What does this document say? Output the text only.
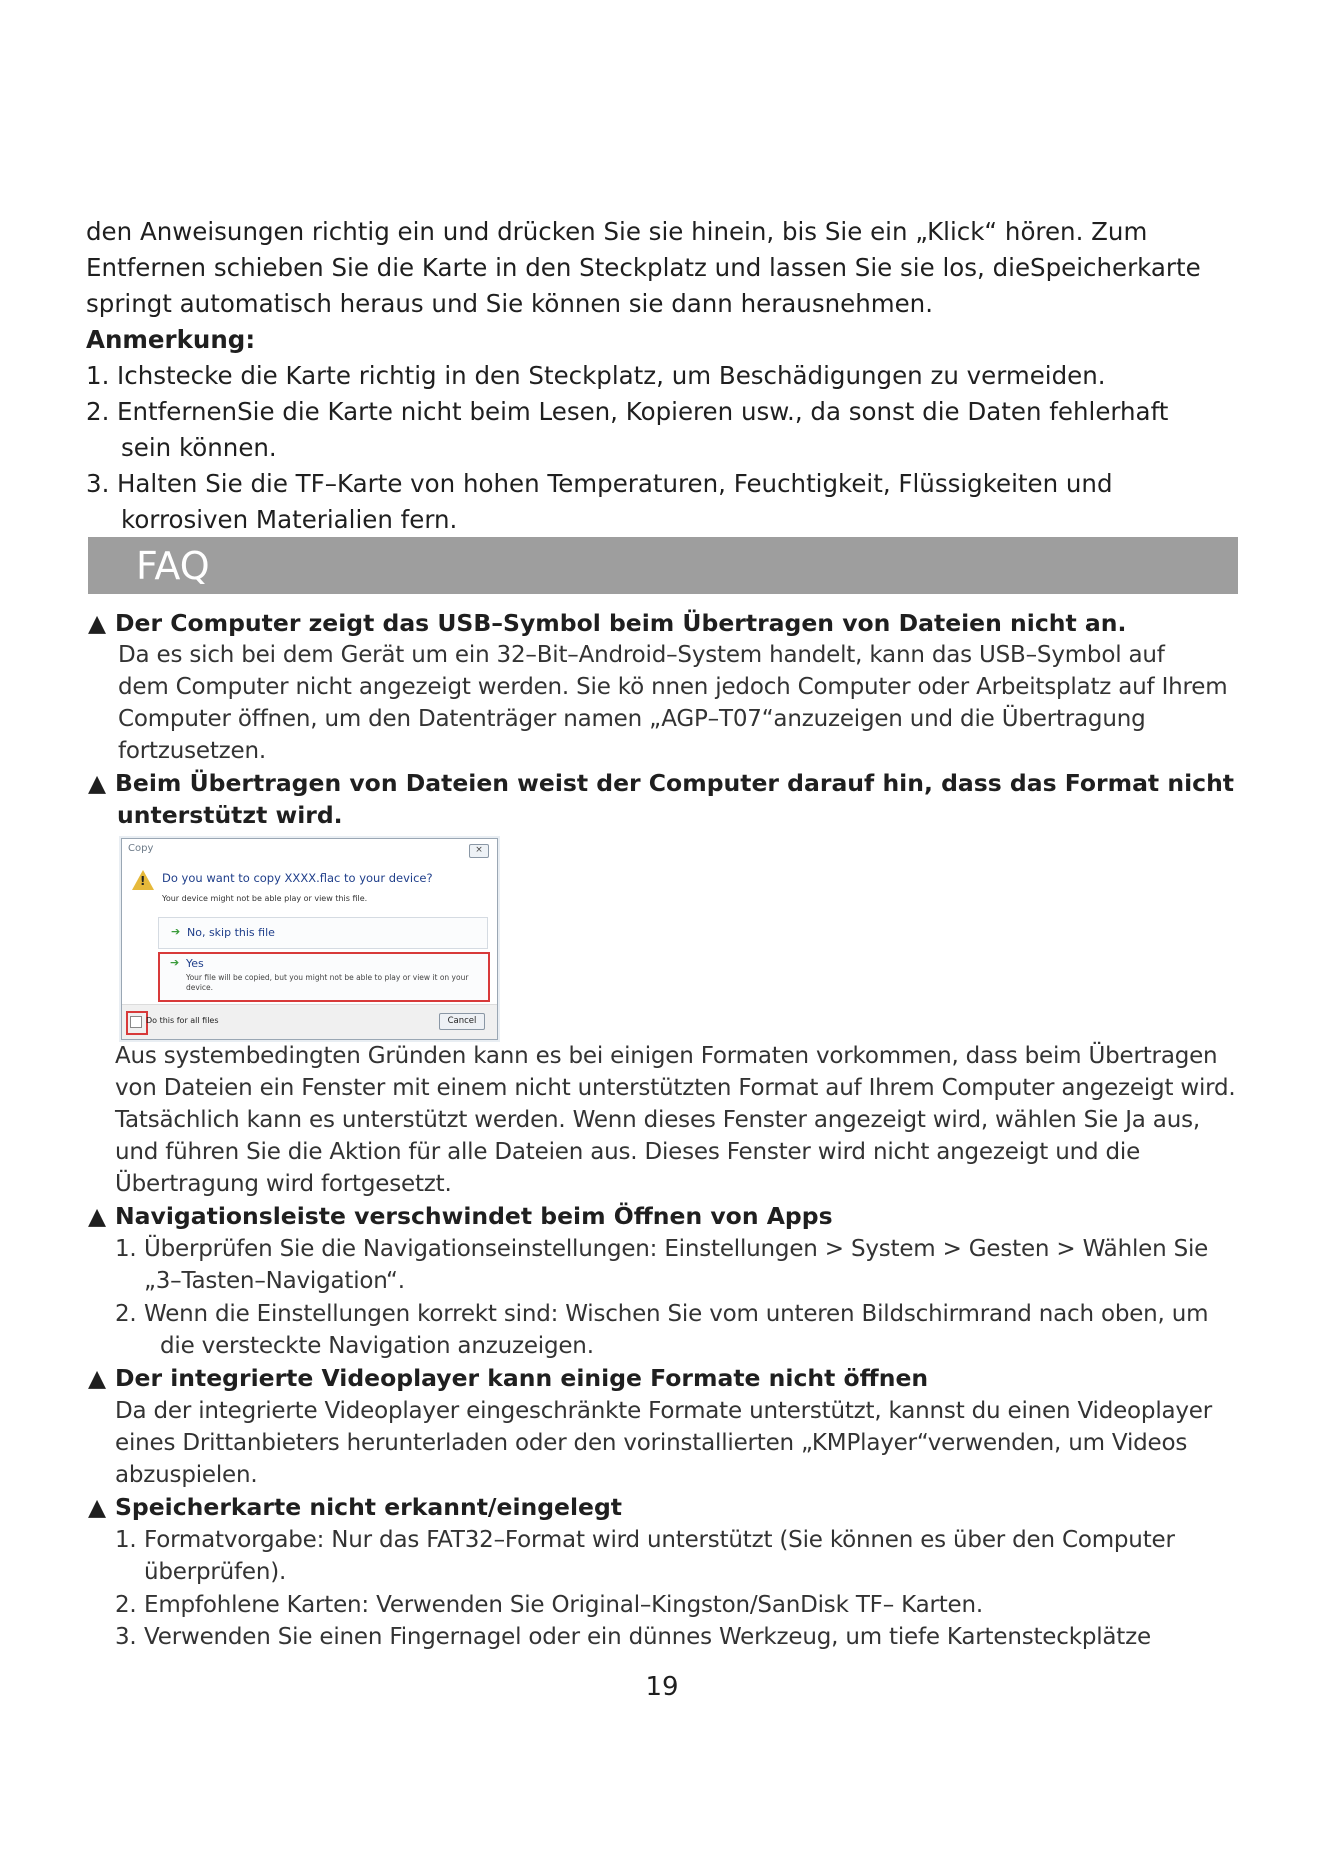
den Anweisungen richtig ein und drücken Sie sie hinein, bis Sie ein „Klick“ hören. Zum

Entfernen schieben Sie die Karte in den Steckplatz und lassen Sie sie los, dieSpeicherkarte

springt automatisch heraus und Sie können sie dann herausnehmen.

Anmerkung:

1. Ichstecke die Karte richtig in den Steckplatz, um Beschädigungen zu vermeiden.
2. EntfernenSie die Karte nicht beim Lesen, Kopieren usw., da sonst die Daten fehlerhaft
sein können.
3. Halten Sie die TF–Karte von hohen Temperaturen, Feuchtigkeit, Flüssigkeiten und
korrosiven Materialien fern.
FAQ
▲ Der Computer zeigt das USB–Symbol beim Übertragen von Dateien nicht an.
Da es sich bei dem Gerät um ein 32–Bit–Android–System handelt, kann das USB–Symbol auf
dem Computer nicht angezeigt werden. Sie kö nnen jedoch Computer oder Arbeitsplatz auf Ihrem
Computer öffnen, um den Datenträger namen „AGP–T07“anzuzeigen und die Übertragung
fortzusetzen.
▲ Beim Übertragen von Dateien weist der Computer darauf hin, dass das Format nicht
unterstützt wird.
Copy	×
! Do you want to copy XXXX.flac to your device?
Your device might not be able play or view this file.
➔ No, skip this file
➔ Yes
Your file will be copied, but you might not be able to play or view it on your device.
Do this for all files	Cancel
Aus systembedingten Gründen kann es bei einigen Formaten vorkommen, dass beim Übertragen
von Dateien ein Fenster mit einem nicht unterstützten Format auf Ihrem Computer angezeigt wird.
Tatsächlich kann es unterstützt werden. Wenn dieses Fenster angezeigt wird, wählen Sie Ja aus,
und führen Sie die Aktion für alle Dateien aus. Dieses Fenster wird nicht angezeigt und die
Übertragung wird fortgesetzt.
▲ Navigationsleiste verschwindet beim Öffnen von Apps
1. Überprüfen Sie die Navigationseinstellungen: Einstellungen > System > Gesten > Wählen Sie
„3–Tasten–Navigation“.
2. Wenn die Einstellungen korrekt sind: Wischen Sie vom unteren Bildschirmrand nach oben, um
die versteckte Navigation anzuzeigen.
▲ Der integrierte Videoplayer kann einige Formate nicht öffnen
Da der integrierte Videoplayer eingeschränkte Formate unterstützt, kannst du einen Videoplayer
eines Drittanbieters herunterladen oder den vorinstallierten „KMPlayer“verwenden, um Videos
abzuspielen.
▲ Speicherkarte nicht erkannt/eingelegt
1. Formatvorgabe: Nur das FAT32–Format wird unterstützt (Sie können es über den Computer
überprüfen).
2. Empfohlene Karten: Verwenden Sie Original–Kingston/SanDisk TF– Karten.
3. Verwenden Sie einen Fingernagel oder ein dünnes Werkzeug, um tiefe Kartensteckplätze
19
